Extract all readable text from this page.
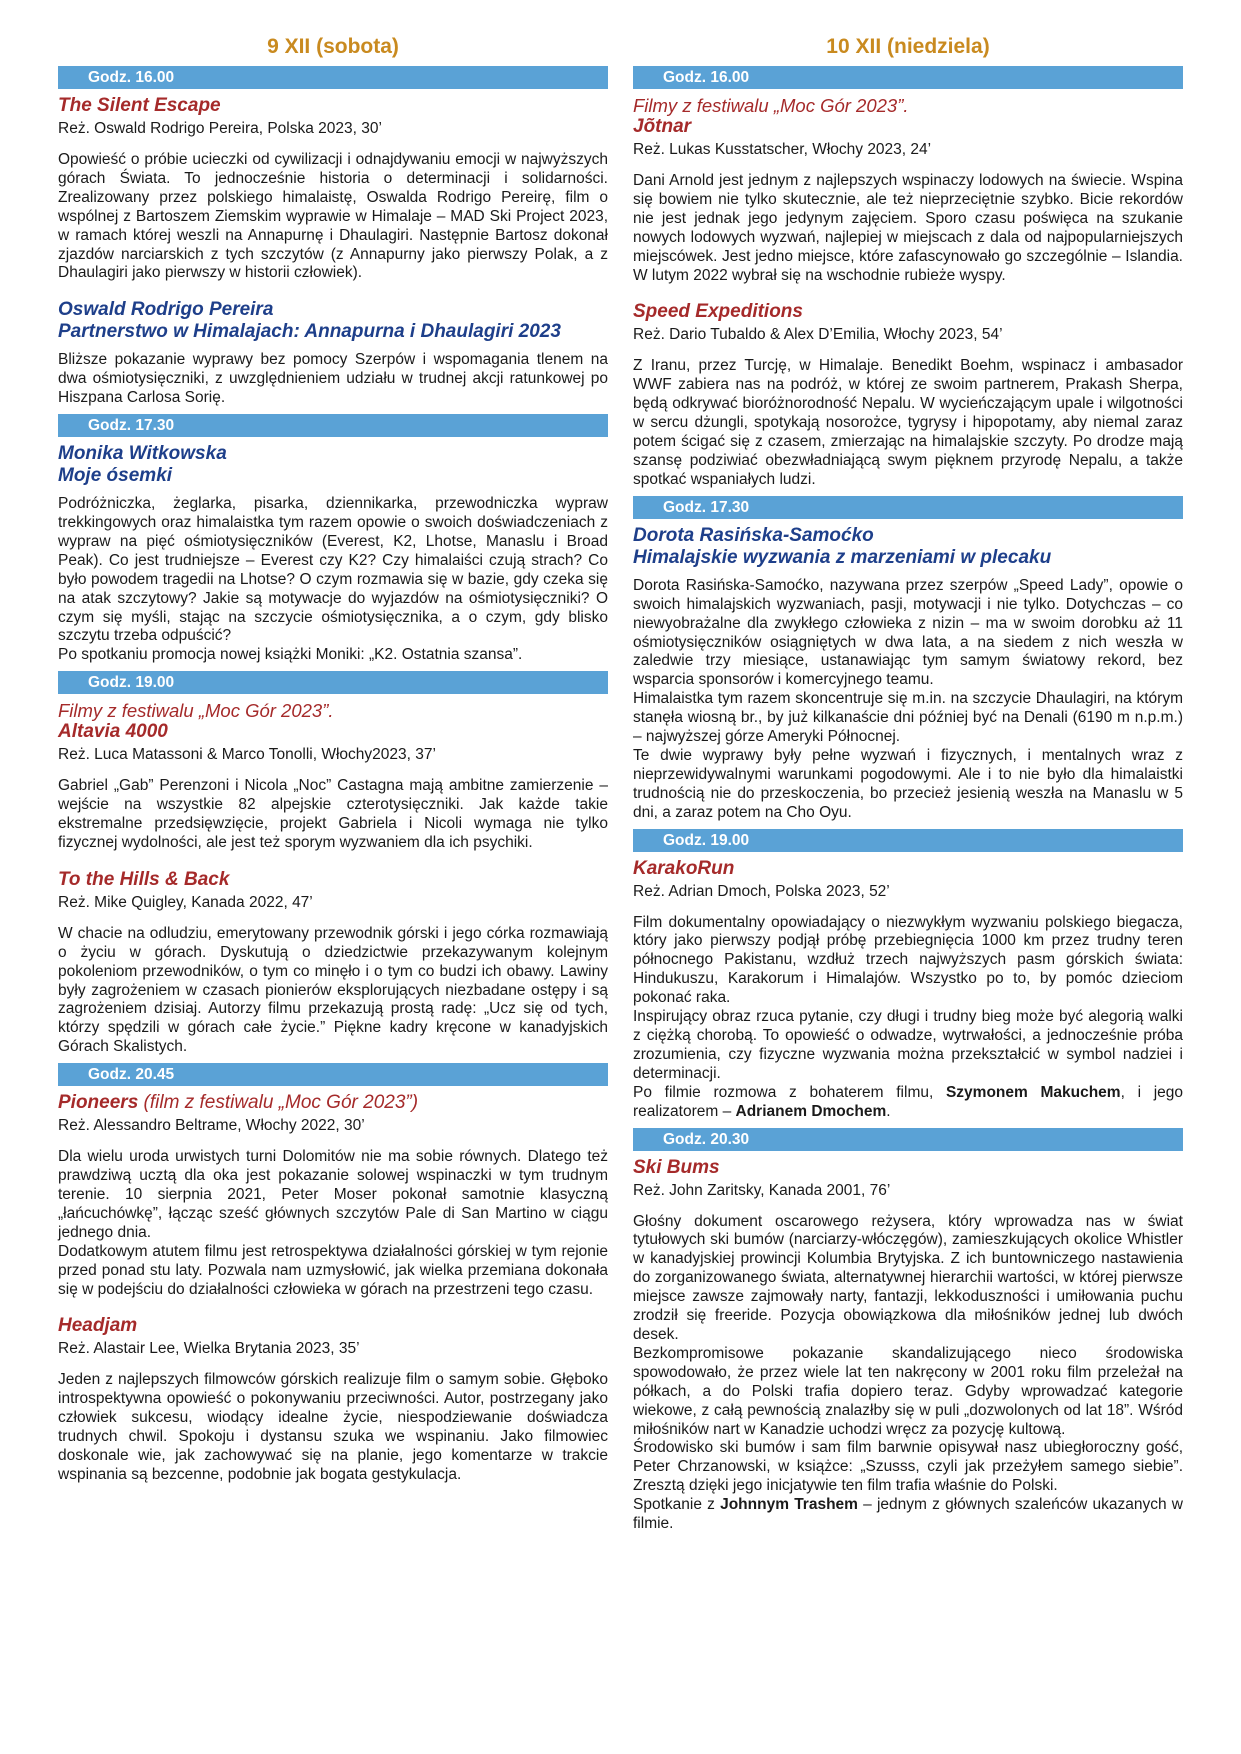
9 XII (sobota)
Godz. 16.00
The Silent Escape
Reż. Oswald Rodrigo Pereira, Polska 2023, 30’

Opowieść o próbie ucieczki od cywilizacji i odnajdywaniu emocji w najwyższych górach Świata. To jednocześnie historia o determinacji i solidarności. Zrealizowany przez polskiego himalaistę, Oswalda Rodrigo Pereirę, film o wspólnej z Bartoszem Ziemskim wyprawie w Himalaje – MAD Ski Project 2023, w ramach której weszli na Annapurnę i Dhaulagiri. Następnie Bartosz dokonał zjazdów narciarskich z tych szczytów (z Annapurny jako pierwszy Polak, a z Dhaulagiri jako pierwszy w historii człowiek).

Oswald Rodrigo Pereira
Partnerstwo w Himalajach: Annapurna i Dhaulagiri 2023

Bliższe pokazanie wyprawy bez pomocy Szerpów i wspomagania tlenem na dwa ośmiotysięczniki, z uwzględnieniem udziału w trudnej akcji ratunkowej po Hiszpana Carlosa Sorię.

Godz. 17.30
Monika Witkowska
Moje ósemki

Podróżniczka, żeglarka, pisarka, dziennikarka, przewodniczka wypraw trekkingowych oraz himalaistka tym razem opowie o swoich doświadczeniach z wypraw na pięć ośmiotysięczników (Everest, K2, Lhotse, Manaslu i Broad Peak). Co jest trudniejsze – Everest czy K2? Czy himalaiści czują strach? Co było powodem tragedii na Lhotse? O czym rozmawia się w bazie, gdy czeka się na atak szczytowy? Jakie są motywacje do wyjazdów na ośmiotysięczniki? O czym się myśli, stając na szczycie ośmiotysięcznika, a o czym, gdy blisko szczytu trzeba odpuścić?

Po spotkaniu promocja nowej książki Moniki: „K2. Ostatnia szansa”.

Godz. 19.00
Filmy z festiwalu „Moc Gór 2023”.
Altavia 4000
Reż. Luca Matassoni & Marco Tonolli, Włochy2023, 37’

Gabriel „Gab” Perenzoni i Nicola „Noc” Castagna mają ambitne zamierzenie – wejście na wszystkie 82 alpejskie czterotysięczniki. Jak każde takie ekstremalne przedsięwzięcie, projekt Gabriela i Nicoli wymaga nie tylko fizycznej wydolności, ale jest też sporym wyzwaniem dla ich psychiki.

To the Hills & Back
Reż. Mike Quigley, Kanada 2022, 47’

W chacie na odludziu, emerytowany przewodnik górski i jego córka rozmawiają o życiu w górach. Dyskutują o dziedzictwie przekazywanym kolejnym pokoleniom przewodników, o tym co minęło i o tym co budzi ich obawy. Lawiny były zagrożeniem w czasach pionierów eksplorujących niezbadane ostępy i są zagrożeniem dzisiaj. Autorzy filmu przekazują prostą radę: „Ucz się od tych, którzy spędzili w górach całe życie.” Piękne kadry kręcone w kanadyjskich Górach Skalistych.

Godz. 20.45
Pioneers (film z festiwalu „Moc Gór 2023”)
Reż. Alessandro Beltrame, Włochy 2022, 30’

Dla wielu uroda urwistych turni Dolomitów nie ma sobie równych. Dlatego też prawdziwą ucztą dla oka jest pokazanie solowej wspinaczki w tym trudnym terenie. 10 sierpnia 2021, Peter Moser pokonał samotnie klasyczną „łańcuchówkę”, łącząc sześć głównych szczytów Pale di San Martino w ciągu jednego dnia.

Dodatkowym atutem filmu jest retrospektywa działalności górskiej w tym rejonie przed ponad stu laty. Pozwala nam uzmysłowić, jak wielka przemiana dokonała się w podejściu do działalności człowieka w górach na przestrzeni tego czasu.

Headjam
Reż. Alastair Lee, Wielka Brytania 2023, 35’

Jeden z najlepszych filmowców górskich realizuje film o samym sobie. Głęboko introspektywna opowieść o pokonywaniu przeciwności. Autor, postrzegany jako człowiek sukcesu, wiodący idealne życie, niespodziewanie doświadcza trudnych chwil. Spokoju i dystansu szuka we wspinaniu. Jako filmowiec doskonale wie, jak zachowywać się na planie, jego komentarze w trakcie wspinania są bezcenne, podobnie jak bogata gestykulacja.

10 XII (niedziela)
Godz. 16.00
Filmy z festiwalu „Moc Gór 2023”.
Jõtnar
Reż. Lukas Kusstatscher, Włochy 2023, 24’

Dani Arnold jest jednym z najlepszych wspinaczy lodowych na świecie. Wspina się bowiem nie tylko skutecznie, ale też nieprzeciętnie szybko. Bicie rekordów nie jest jednak jego jedynym zajęciem. Sporo czasu poświęca na szukanie nowych lodowych wyzwań, najlepiej w miejscach z dala od najpopularniejszych miejscówek. Jest jedno miejsce, które zafascynowało go szczególnie – Islandia. W lutym 2022 wybrał się na wschodnie rubieże wyspy.

Speed Expeditions
Reż. Dario Tubaldo & Alex D’Emilia, Włochy 2023, 54’

Z Iranu, przez Turcję, w Himalaje. Benedikt Boehm, wspinacz i ambasador WWF zabiera nas na podróż, w której ze swoim partnerem, Prakash Sherpa, będą odkrywać bioróżnorodność Nepalu. W wycieńczającym upale i wilgotności w sercu dżungli, spotykają nosorożce, tygrysy i hipopotamy, aby niemal zaraz potem ścigać się z czasem, zmierzając na himalajskie szczyty. Po drodze mają szansę podziwiać obezwładniającą swym pięknem przyrodę Nepalu, a także spotkać wspaniałych ludzi.

Godz. 17.30
Dorota Rasińska-Samoćko
Himalajskie wyzwania z marzeniami w plecaku

Dorota Rasińska-Samoćko, nazywana przez szerpów „Speed Lady”, opowie o swoich himalajskich wyzwaniach, pasji, motywacji i nie tylko. Dotychczas – co niewyobrażalne dla zwykłego człowieka z nizin – ma w swoim dorobku aż 11 ośmiotysięczników osiągniętych w dwa lata, a na siedem z nich weszła w zaledwie trzy miesiące, ustanawiając tym samym światowy rekord, bez wsparcia sponsorów i komercyjnego teamu.

Himalaistka tym razem skoncentruje się m.in. na szczycie Dhaulagiri, na którym stanęła wiosną br., by już kilkanaście dni później być na Denali (6190 m n.p.m.) – najwyższej górze Ameryki Północnej.

Te dwie wyprawy były pełne wyzwań i fizycznych, i mentalnych wraz z nieprzewidywalnymi warunkami pogodowymi. Ale i to nie było dla himalaistki trudnością nie do przeskoczenia, bo przecież jesienią weszła na Manaslu w 5 dni, a zaraz potem na Cho Oyu.

Godz. 19.00
KarakoRun
Reż. Adrian Dmoch, Polska 2023, 52’

Film dokumentalny opowiadający o niezwykłym wyzwaniu polskiego biegacza, który jako pierwszy podjął próbę przebiegnięcia 1000 km przez trudny teren północnego Pakistanu, wzdłuż trzech najwyższych pasm górskich świata: Hindukuszu, Karakorum i Himalajów. Wszystko po to, by pomóc dzieciom pokonać raka.

Inspirujący obraz rzuca pytanie, czy długi i trudny bieg może być alegorią walki z ciężką chorobą. To opowieść o odwadze, wytrwałości, a jednocześnie próba zrozumienia, czy fizyczne wyzwania można przekształcić w symbol nadziei i determinacji.

Po filmie rozmowa z bohaterem filmu, Szymonem Makuchem, i jego realizatorem – Adrianem Dmochem.

Godz. 20.30
Ski Bums
Reż. John Zaritsky, Kanada 2001, 76’

Głośny dokument oscarowego reżysera, który wprowadza nas w świat tytułowych ski bumów (narciarzy-włóczęgów), zamieszkujących okolice Whistler w kanadyjskiej prowincji Kolumbia Brytyjska. Z ich buntowniczego nastawienia do zorganizowanego świata, alternatywnej hierarchii wartości, w której pierwsze miejsce zawsze zajmowały narty, fantazji, lekkoduszności i umiłowania puchu zrodził się freeride. Pozycja obowiązkowa dla miłośników jednej lub dwóch desek.

Bezkompromisowe pokazanie skandalizującego nieco środowiska spowodowało, że przez wiele lat ten nakręcony w 2001 roku film przeleżał na półkach, a do Polski trafia dopiero teraz. Gdyby wprowadzać kategorie wiekowe, z całą pewnością znalazłby się w puli „dozwolonych od lat 18”. Wśród miłośników nart w Kanadzie uchodzi wręcz za pozycję kultową.

Środowisko ski bumów i sam film barwnie opisywał nasz ubiegłoroczny gość, Peter Chrzanowski, w książce: „Szusss, czyli jak przeżyłem samego siebie”. Zresztą dzięki jego inicjatywie ten film trafia właśnie do Polski.

Spotkanie z Johnnym Trashem – jednym z głównych szaleńców ukazanych w filmie.
